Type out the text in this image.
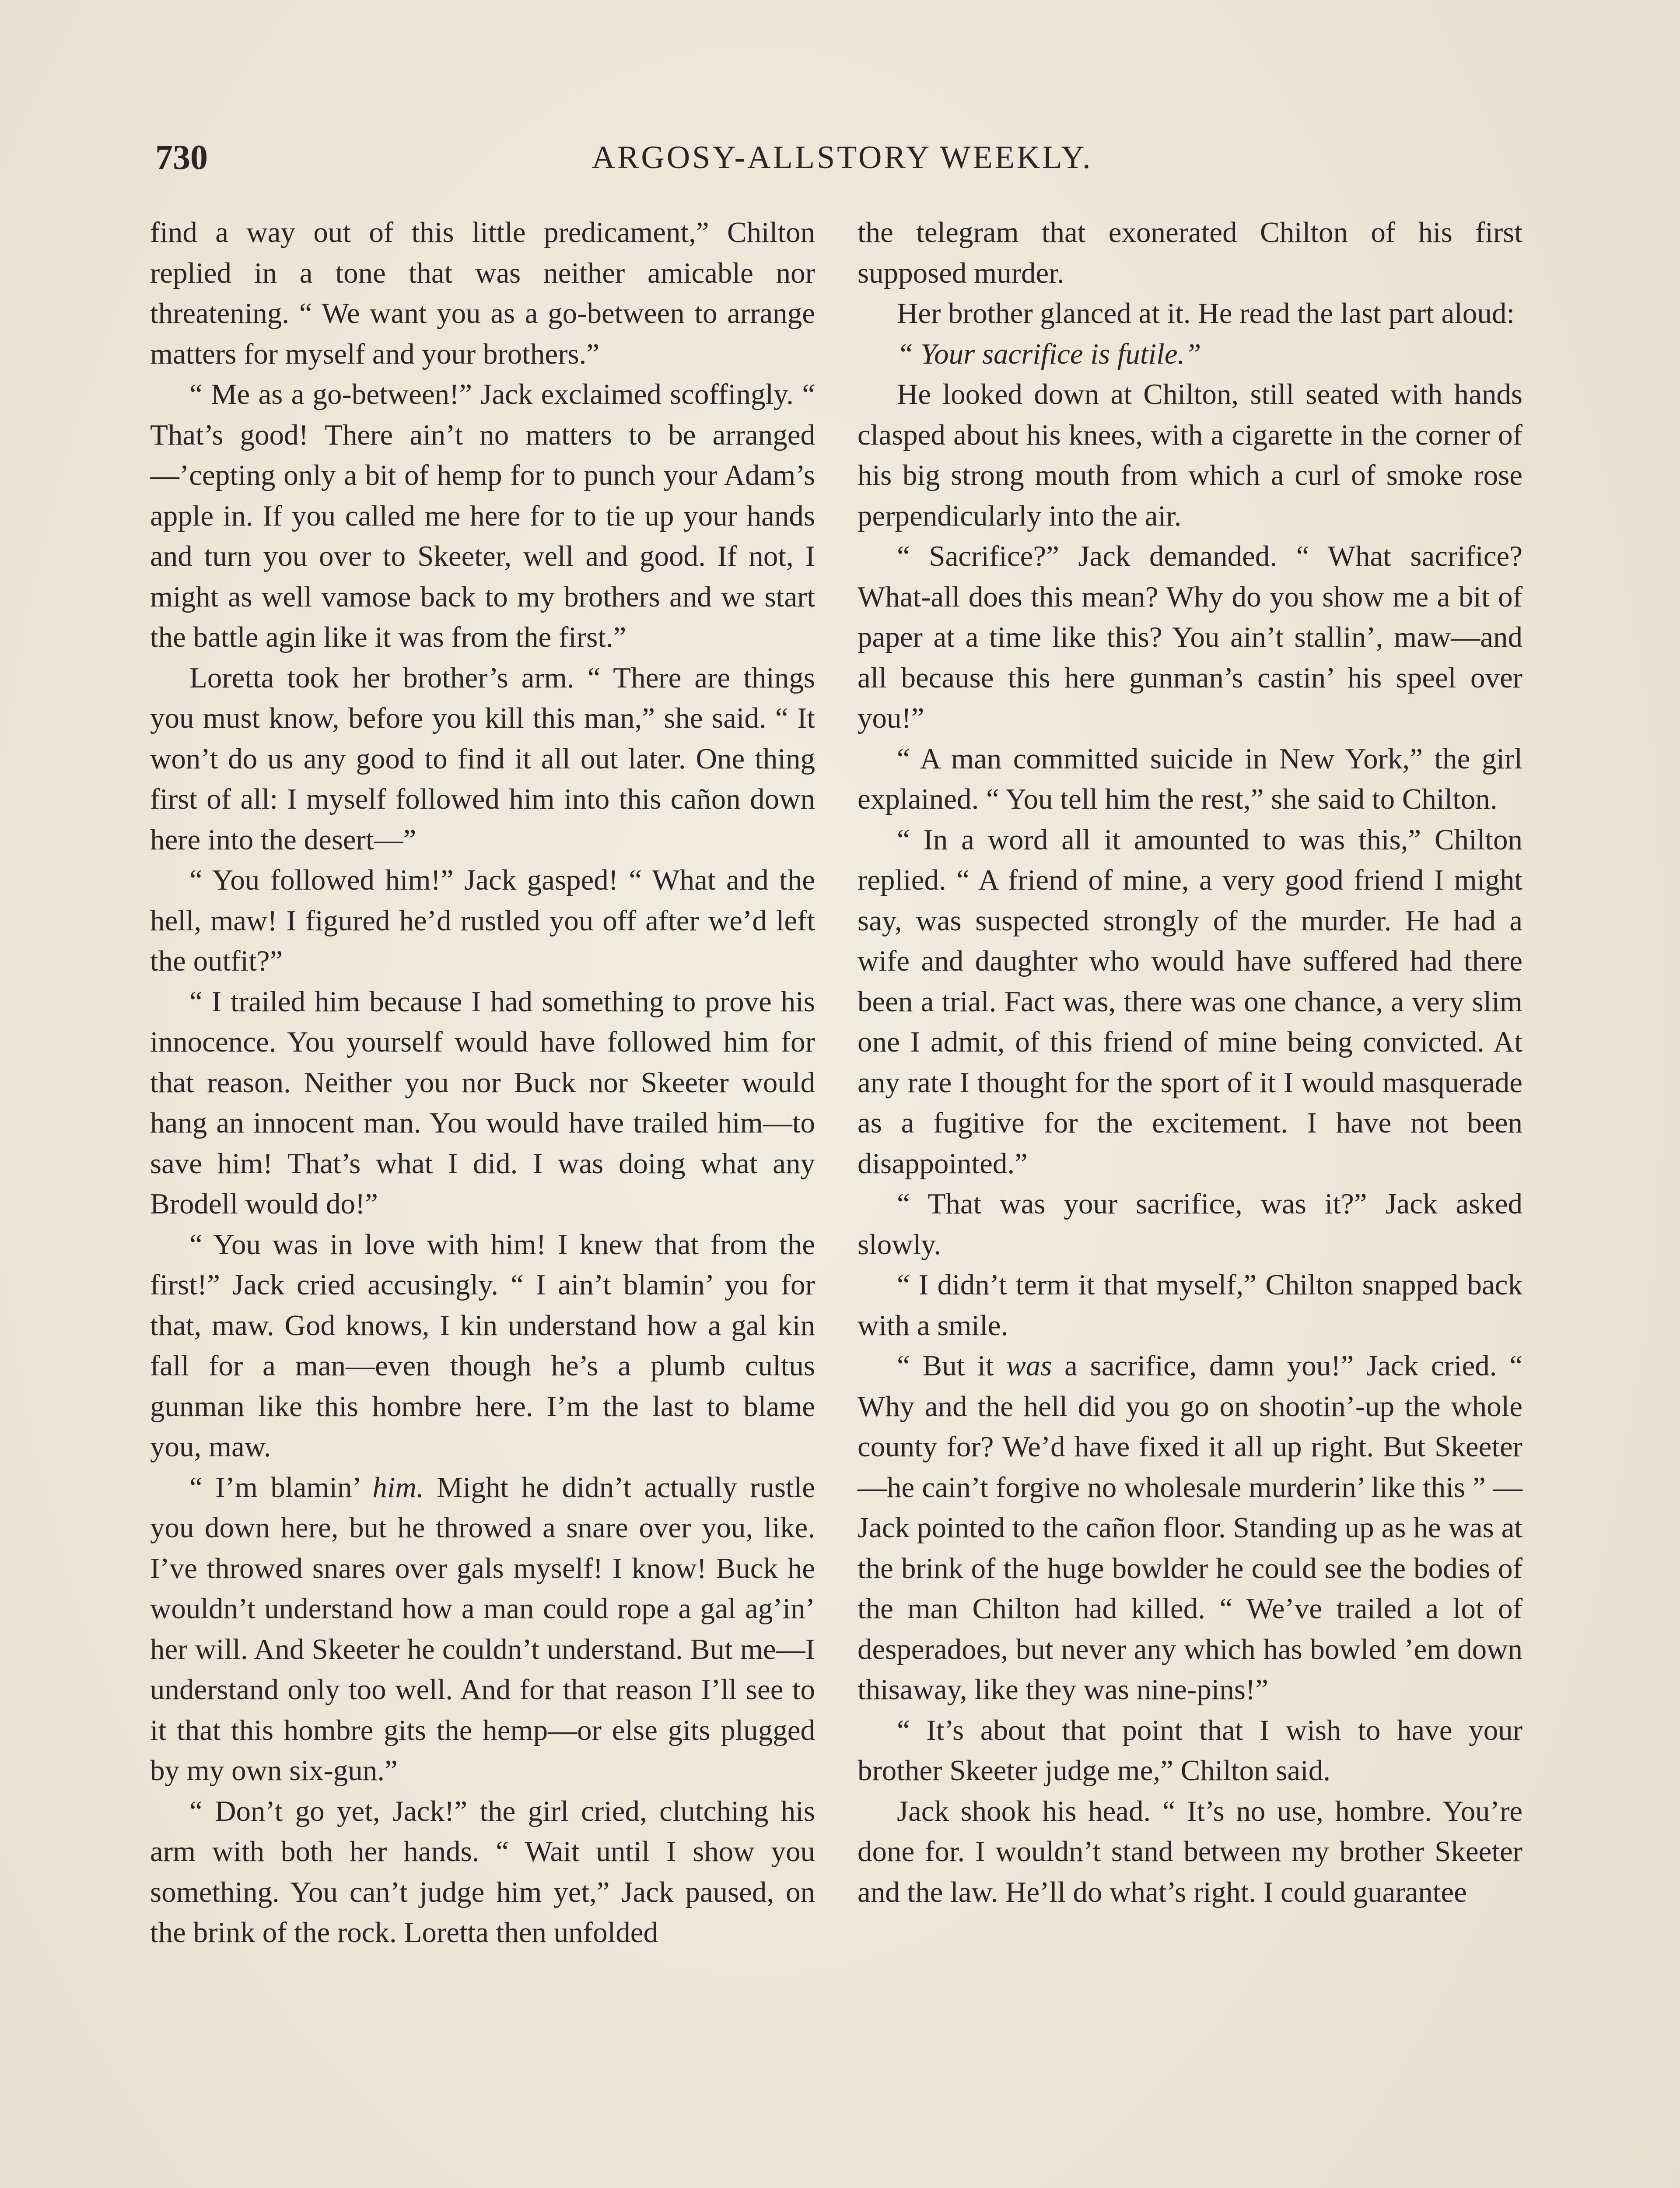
730	ARGOSY-ALLSTORY WEEKLY.

find a way out of this little predicament,” Chilton replied in a tone that was neither amicable nor threatening. “ We want you as a go-between to arrange matters for myself and your brothers.”

“ Me as a go-between!” Jack exclaimed scoffingly. “ That’s good! There ain’t no matters to be arranged—’cepting only a bit of hemp for to punch your Adam’s apple in. If you called me here for to tie up your hands and turn you over to Skeeter, well and good. If not, I might as well vamose back to my brothers and we start the battle agin like it was from the first.”

Loretta took her brother’s arm. “ There are things you must know, before you kill this man,” she said. “ It won’t do us any good to find it all out later. One thing first of all: I myself followed him into this cañon down here into the desert—”

“ You followed him!” Jack gasped! “ What and the hell, maw! I figured he’d rustled you off after we’d left the outfit?”

“ I trailed him because I had something to prove his innocence. You yourself would have followed him for that reason. Neither you nor Buck nor Skeeter would hang an innocent man. You would have trailed him—to save him! That’s what I did. I was doing what any Brodell would do!”

“ You was in love with him! I knew that from the first!” Jack cried accusingly. “ I ain’t blamin’ you for that, maw. God knows, I kin understand how a gal kin fall for a man—even though he’s a plumb cultus gunman like this hombre here. I’m the last to blame you, maw.

“ I’m blamin’ him. Might he didn’t actually rustle you down here, but he throwed a snare over you, like. I’ve throwed snares over gals myself! I know! Buck he wouldn’t understand how a man could rope a gal ag’in’ her will. And Skeeter he couldn’t understand. But me—I understand only too well. And for that reason I’ll see to it that this hombre gits the hemp—or else gits plugged by my own six-gun.”

“ Don’t go yet, Jack!” the girl cried, clutching his arm with both her hands. “ Wait until I show you something. You can’t judge him yet,” Jack paused, on the brink of the rock. Loretta then unfolded

the telegram that exonerated Chilton of his first supposed murder.

Her brother glanced at it. He read the last part aloud:

“ Your sacrifice is futile.”

He looked down at Chilton, still seated with hands clasped about his knees, with a cigarette in the corner of his big strong mouth from which a curl of smoke rose perpendicularly into the air.

“ Sacrifice?” Jack demanded. “ What sacrifice? What-all does this mean? Why do you show me a bit of paper at a time like this? You ain’t stallin’, maw—and all because this here gunman’s castin’ his speel over you!”

“ A man committed suicide in New York,” the girl explained. “ You tell him the rest,” she said to Chilton.

“ In a word all it amounted to was this,” Chilton replied. “ A friend of mine, a very good friend I might say, was suspected strongly of the murder. He had a wife and daughter who would have suffered had there been a trial. Fact was, there was one chance, a very slim one I admit, of this friend of mine being convicted. At any rate I thought for the sport of it I would masquerade as a fugitive for the excitement. I have not been disappointed.”

“ That was your sacrifice, was it?” Jack asked slowly.

“ I didn’t term it that myself,” Chilton snapped back with a smile.

“ But it was a sacrifice, damn you!” Jack cried. “ Why and the hell did you go on shootin’-up the whole county for? We’d have fixed it all up right. But Skeeter—he cain’t forgive no wholesale murderin’ like this ” — Jack pointed to the cañon floor. Standing up as he was at the brink of the huge bowlder he could see the bodies of the man Chilton had killed. “ We’ve trailed a lot of desperadoes, but never any which has bowled ’em down thisaway, like they was nine-pins!”

“ It’s about that point that I wish to have your brother Skeeter judge me,” Chilton said.

Jack shook his head. “ It’s no use, hombre. You’re done for. I wouldn’t stand between my brother Skeeter and the law. He’ll do what’s right. I could guarantee
